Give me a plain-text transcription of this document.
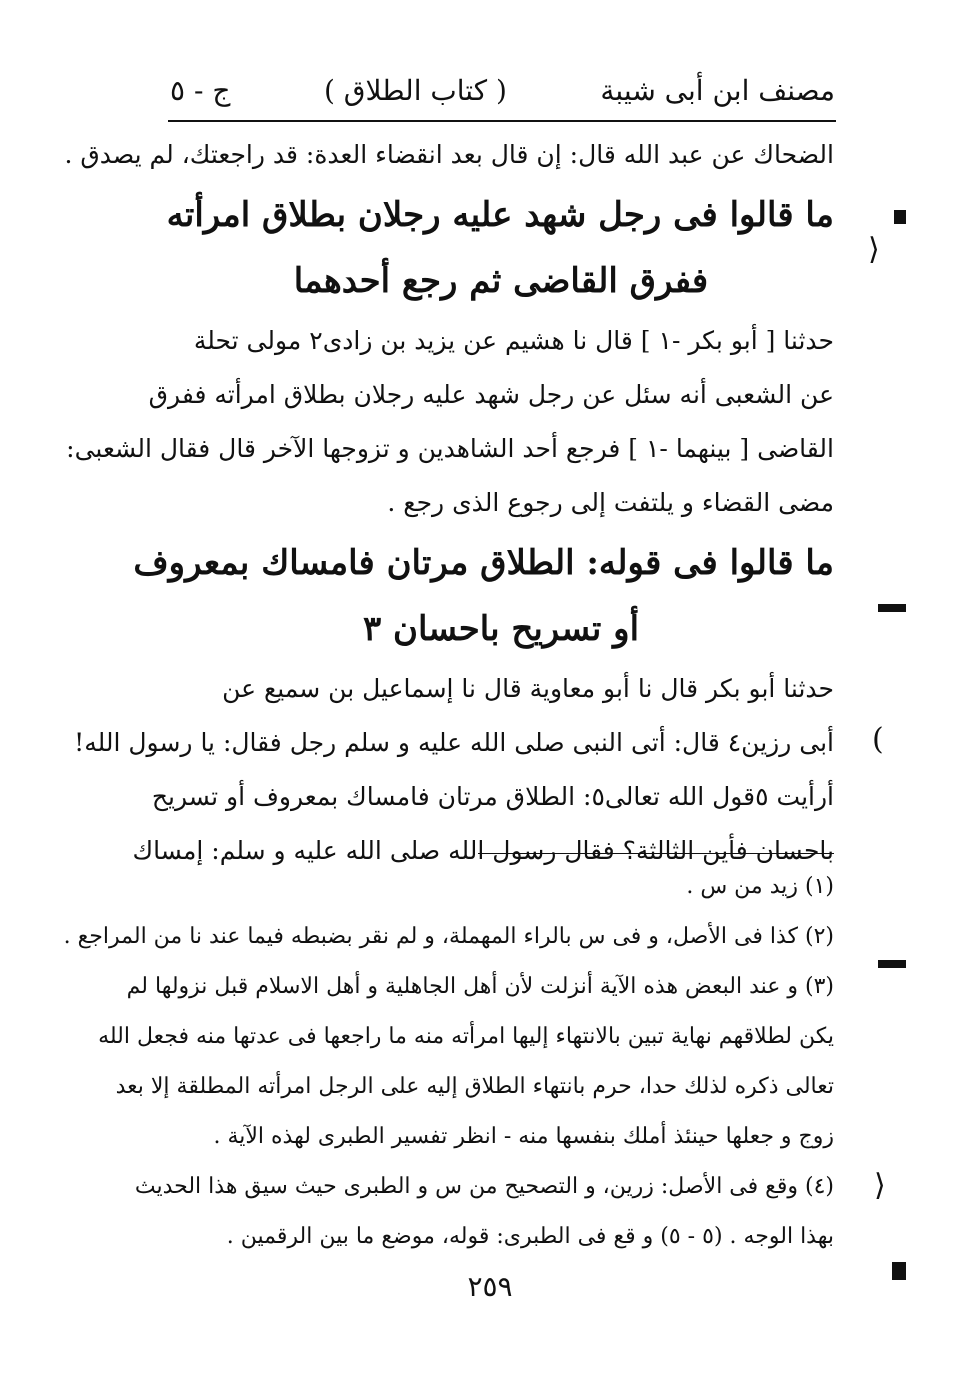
مصنف ابن أبى شيبة
( كتاب الطلاق )
ج - ٥
الضحاك عن عبد الله قال: إن قال بعد انقضاء العدة: قد راجعتك، لم يصدق .
ما قالوا فى رجل شهد عليه رجلان بطلاق امرأته
ففرق القاضى ثم رجع أحدهما
حدثنا [ أبو بكر -١ ] قال نا هشيم عن يزيد بن زادى٢ مولى تحلة
عن الشعبى أنه سئل عن رجل شهد عليه رجلان بطلاق امرأته ففرق
القاضى [ بينهما -١ ] فرجع أحد الشاهدين و تزوجها الآخر قال فقال الشعبى:
مضى القضاء و يلتفت إلى رجوع الذى رجع .
ما قالوا فى قوله: الطلاق مرتان فامساك بمعروف
أو تسريح باحسان ٣
حدثنا أبو بكر قال نا أبو معاوية قال نا إسماعيل بن سميع عن
أبى رزين٤ قال: أتى النبى صلى الله عليه و سلم رجل فقال: يا رسول الله!
أرأيت ٥قول الله تعالى٥: الطلاق مرتان فامساك بمعروف أو تسريح
باحسان فأين الثالثة؟ فقال رسول الله صلى الله عليه و سلم: إمساك
(١) زيد من س .
(٢) كذا فى الأصل، و فى س بالراء المهملة، و لم نقر بضبطه فيما عند نا من المراجع .
(٣) و عند البعض هذه الآية أنزلت لأن أهل الجاهلية و أهل الاسلام قبل نزولها لم
يكن لطلاقهم نهاية تبين بالانتهاء إليها امرأته منه ما راجعها فى عدتها منه فجعل الله
تعالى ذكره لذلك حدا، حرم بانتهاء الطلاق إليه على الرجل امرأته المطلقة إلا بعد
زوج و جعلها حينئذ أملك بنفسها منه - انظر تفسير الطبرى لهذه الآية .
(٤) وقع فى الأصل: زرين، و التصحيح من س و الطبرى حيث سيق هذا الحديث
بهذا الوجه . (٥ - ٥) و قع فى الطبرى: قوله، موضع ما بين الرقمين .
٢٥٩
⟩
(
⟩
